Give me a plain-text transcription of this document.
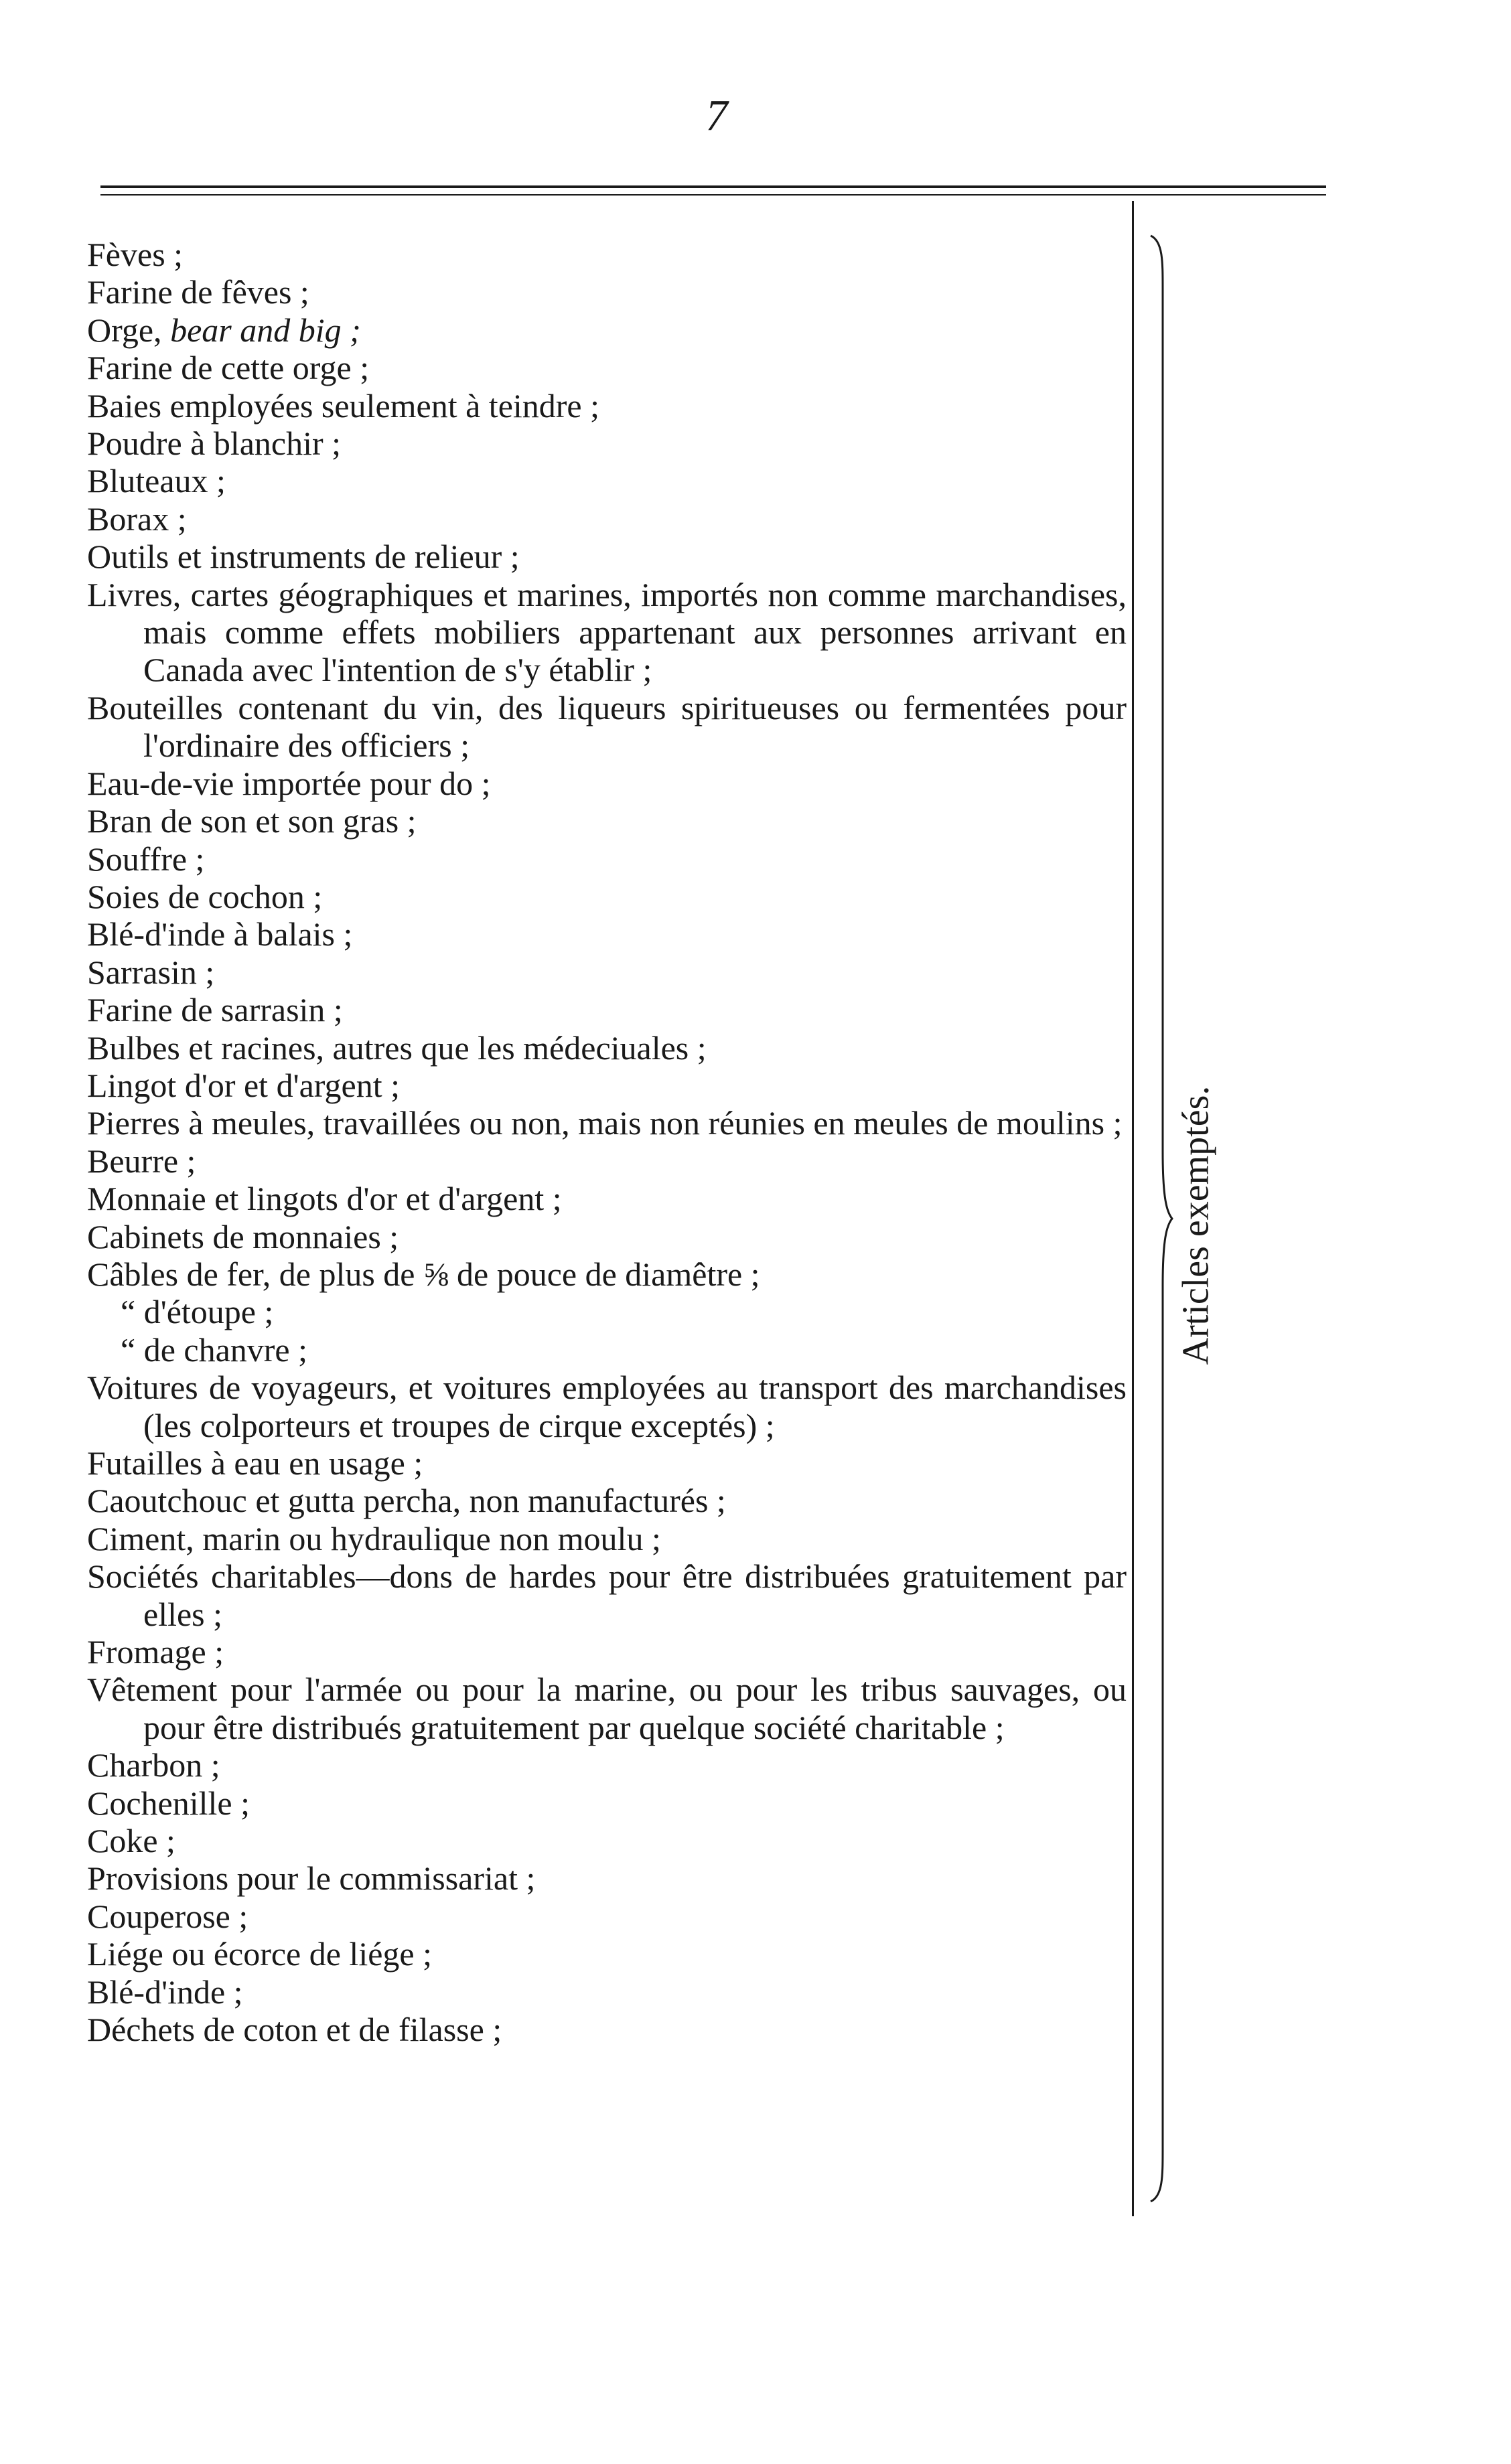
7
Fèves ;
Farine de fêves ;
Orge, bear and big ;
Farine de cette orge ;
Baies employées seulement à teindre ;
Poudre à blanchir ;
Bluteaux ;
Borax ;
Outils et instruments de relieur ;
Livres, cartes géographiques et marines, importés non comme marchandises, mais comme effets mobiliers appartenant aux personnes arrivant en Canada avec l'intention de s'y établir ;
Bouteilles contenant du vin, des liqueurs spiritueuses ou fermentées pour l'ordinaire des officiers ;
Eau-de-vie importée pour do ;
Bran de son et son gras ;
Souffre ;
Soies de cochon ;
Blé-d'inde à balais ;
Sarrasin ;
Farine de sarrasin ;
Bulbes et racines, autres que les médeciuales ;
Lingot d'or et d'argent ;
Pierres à meules, travaillées ou non, mais non réunies en meules de moulins ;
Beurre ;
Monnaie et lingots d'or et d'argent ;
Cabinets de monnaies ;
Câbles de fer, de plus de ⅝ de pouce de diamêtre ;
“ d'étoupe ;
“ de chanvre ;
Voitures de voyageurs, et voitures employées au transport des marchandises (les colporteurs et troupes de cirque exceptés) ;
Futailles à eau en usage ;
Caoutchouc et gutta percha, non manufacturés ;
Ciment, marin ou hydraulique non moulu ;
Sociétés charitables—dons de hardes pour être distribuées gratuitement par elles ;
Fromage ;
Vêtement pour l'armée ou pour la marine, ou pour les tribus sauvages, ou pour être distribués gratuitement par quelque société charitable ;
Charbon ;
Cochenille ;
Coke ;
Provisions pour le commissariat ;
Couperose ;
Liége ou écorce de liége ;
Blé-d'inde ;
Déchets de coton et de filasse ;
Articles exemptés.
